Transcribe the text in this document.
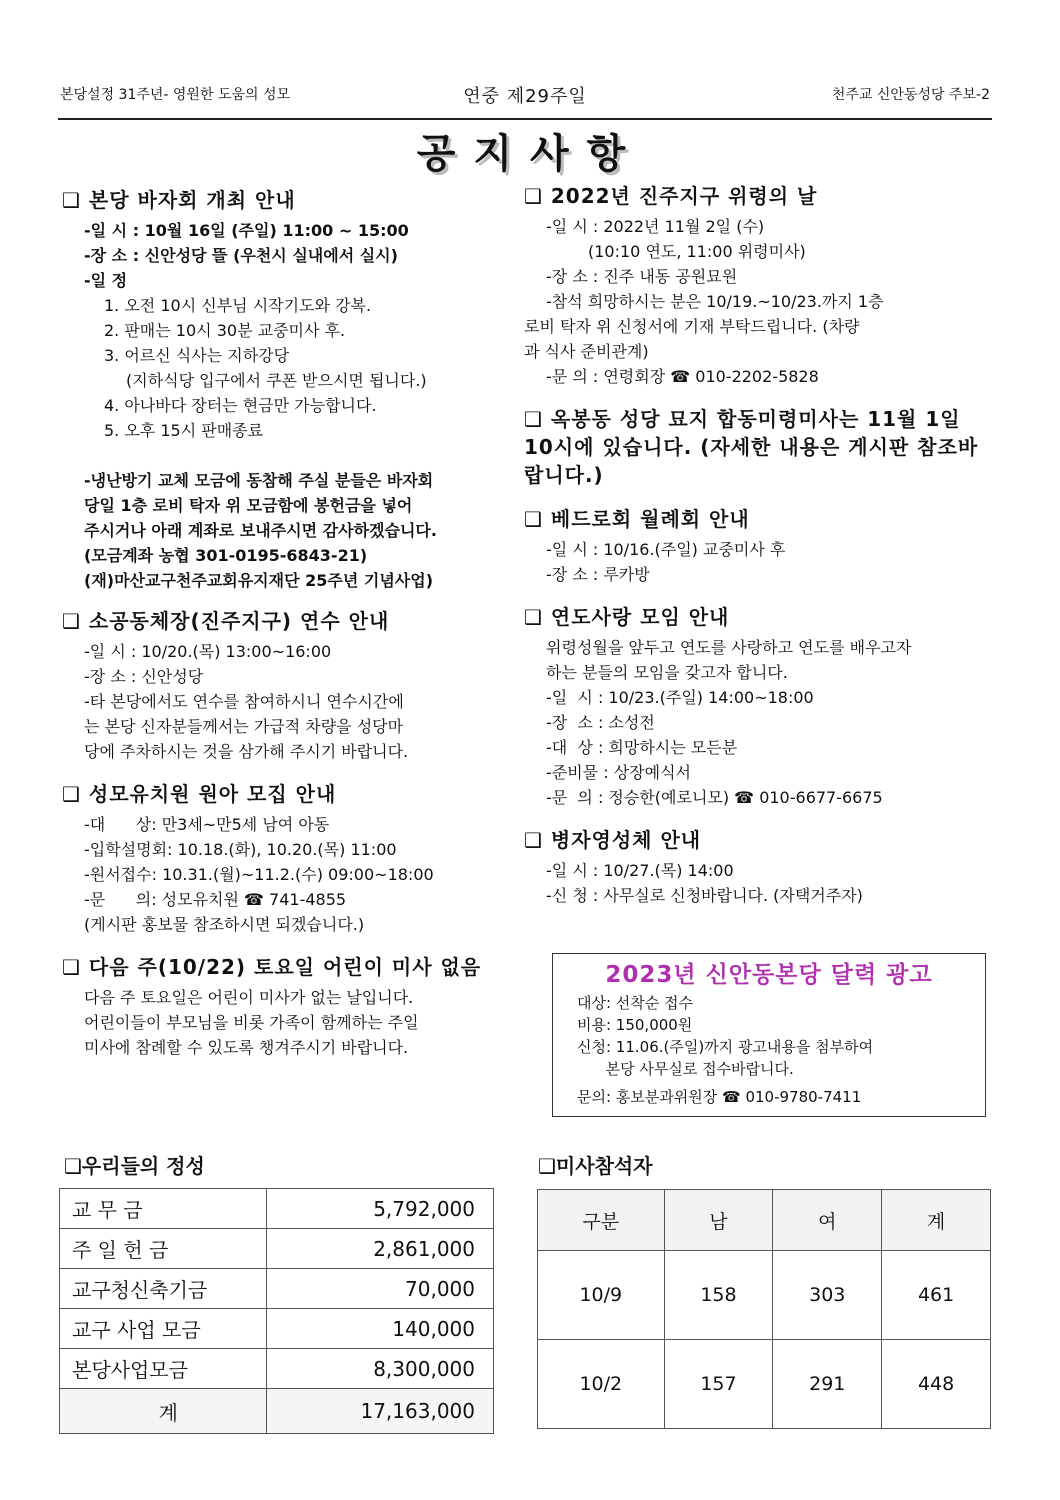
본당설정 31주년- 영원한 도움의 성모	연중 제29주일	천주교 신안동성당 주보-2
공지사항
❑ 본당 바자회 개최 안내
-일 시 : 10월 16일 (주일) 11:00 ~ 15:00
-장 소 : 신안성당 뜰 (우천시 실내에서 실시)
-일 정
1. 오전 10시 신부님 시작기도와 강복.
2. 판매는 10시 30분 교중미사 후.
3. 어르신 식사는 지하강당
(지하식당 입구에서 쿠폰 받으시면 됩니다.)
4. 아나바다 장터는 현금만 가능합니다.
5. 오후 15시 판매종료

-냉난방기 교체 모금에 동참해 주실 분들은 바자회
당일 1층 로비 탁자 위 모금함에 봉헌금을 넣어
주시거나 아래 계좌로 보내주시면 감사하겠습니다.
(모금계좌 농협 301-0195-6843-21)
(재)마산교구천주교회유지재단 25주년 기념사업)
❑ 소공동체장(진주지구) 연수 안내
-일 시 : 10/20.(목) 13:00~16:00
-장 소 : 신안성당
-타 본당에서도 연수를 참여하시니 연수시간에
는 본당 신자분들께서는 가급적 차량을 성당마
당에 주차하시는 것을 삼가해 주시기 바랍니다.
❑ 성모유치원 원아 모집 안내
-대      상: 만3세~만5세 남여 아동
-입학설명회: 10.18.(화), 10.20.(목) 11:00
-원서접수: 10.31.(월)~11.2.(수) 09:00~18:00
-문      의: 성모유치원 ☎ 741-4855
(게시판 홍보물 참조하시면 되겠습니다.)
❑ 다음 주(10/22) 토요일 어린이 미사 없음
다음 주 토요일은 어린이 미사가 없는 날입니다.
어린이들이 부모님을 비롯 가족이 함께하는 주일
미사에 참례할 수 있도록 챙겨주시기 바랍니다.
❑ 2022년 진주지구 위령의 날
-일 시 : 2022년 11월 2일 (수)
(10:10 연도, 11:00 위령미사)
-장 소 : 진주 내동 공원묘원
-참석 희망하시는 분은 10/19.~10/23.까지 1층
로비 탁자 위 신청서에 기재 부탁드립니다. (차량
과 식사 준비관계)
-문 의 : 연령회장 ☎ 010-2202-5828
❑ 옥봉동 성당 묘지 합동미령미사는 11월 1일 10시에 있습니다. (자세한 내용은 게시판 참조바랍니다.)
❑ 베드로회 월례회 안내
-일 시 : 10/16.(주일) 교중미사 후
-장 소 : 루카방
❑ 연도사랑 모임 안내
위령성월을 앞두고 연도를 사랑하고 연도를 배우고자
하는 분들의 모임을 갖고자 합니다.
-일  시 : 10/23.(주일) 14:00~18:00
-장  소 : 소성전
-대  상 : 희망하시는 모든분
-준비물 : 상장예식서
-문  의 : 정승한(예로니모) ☎ 010-6677-6675
❑ 병자영성체 안내
-일 시 : 10/27.(목) 14:00
-신 청 : 사무실로 신청바랍니다. (자택거주자)
2023년 신안동본당 달력 광고
대상: 선착순 접수
비용: 150,000원
신청: 11.06.(주일)까지 광고내용을 첨부하여
본당 사무실로 접수바랍니다.
문의: 홍보분과위원장 ☎ 010-9780-7411
❑우리들의 정성
교 무 금	5,792,000
주 일 헌 금	2,861,000
교구청신축기금	70,000
교구 사업 모금	140,000
본당사업모금	8,300,000
계	17,163,000
❑미사참석자
구분	남	여	계
10/9	158	303	461
10/2	157	291	448
